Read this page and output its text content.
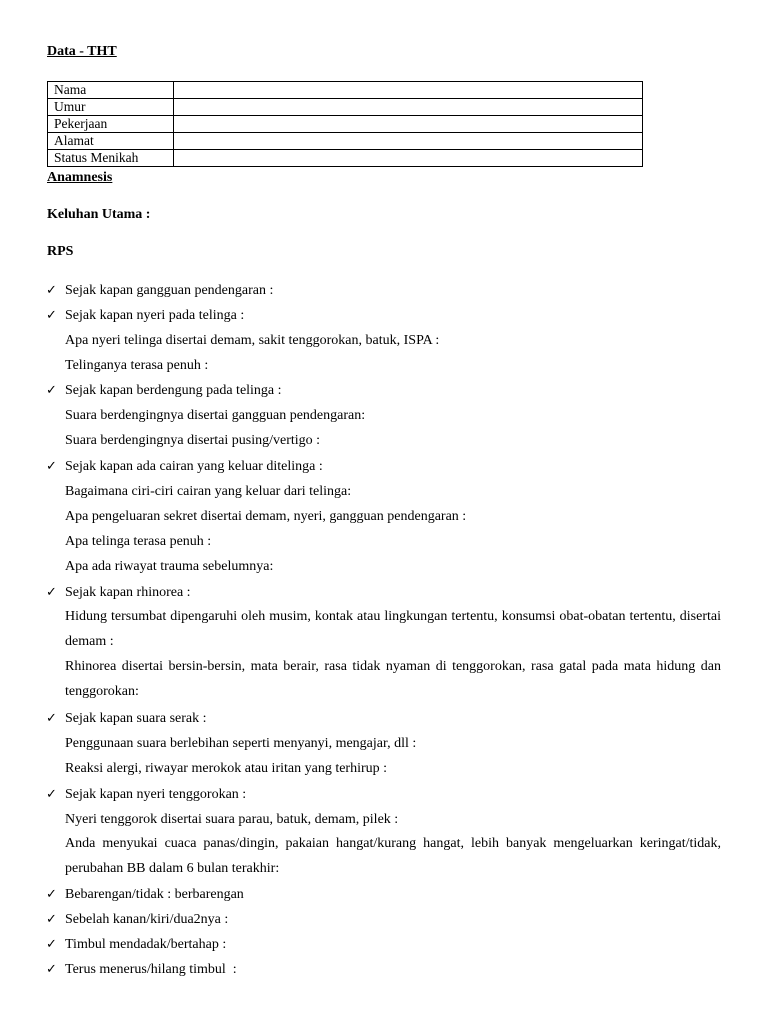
Data - THT
Nama	
Umur	
Pekerjaan	
Alamat	
Status Menikah	
Anamnesis
Keluhan Utama :
RPS
✓ Sejak kapan gangguan pendengaran :

✓ Sejak kapan nyeri pada telinga :

Apa nyeri telinga disertai demam, sakit tenggorokan, batuk, ISPA :

Telinganya terasa penuh :

✓ Sejak kapan berdengung pada telinga :

Suara berdengingnya disertai gangguan pendengaran:

Suara berdengingnya disertai pusing/vertigo :

✓ Sejak kapan ada cairan yang keluar ditelinga :

Bagaimana ciri-ciri cairan yang keluar dari telinga:

Apa pengeluaran sekret disertai demam, nyeri, gangguan pendengaran :

Apa telinga terasa penuh :

Apa ada riwayat trauma sebelumnya:

✓ Sejak kapan rhinorea :

Hidung tersumbat dipengaruhi oleh musim, kontak atau lingkungan tertentu, konsumsi obat-obatan tertentu, disertai demam :

Rhinorea disertai bersin-bersin, mata berair, rasa tidak nyaman di tenggorokan, rasa gatal pada mata hidung dan tenggorokan:

✓ Sejak kapan suara serak :

Penggunaan suara berlebihan seperti menyanyi, mengajar, dll :

Reaksi alergi, riwayar merokok atau iritan yang terhirup :

✓ Sejak kapan nyeri tenggorokan :

Nyeri tenggorok disertai suara parau, batuk, demam, pilek :

Anda menyukai cuaca panas/dingin, pakaian hangat/kurang hangat, lebih banyak mengeluarkan keringat/tidak, perubahan BB dalam 6 bulan terakhir:

✓ Bebarengan/tidak : berbarengan

✓ Sebelah kanan/kiri/dua2nya :

✓ Timbul mendadak/bertahap :

✓ Terus menerus/hilang timbul  :
